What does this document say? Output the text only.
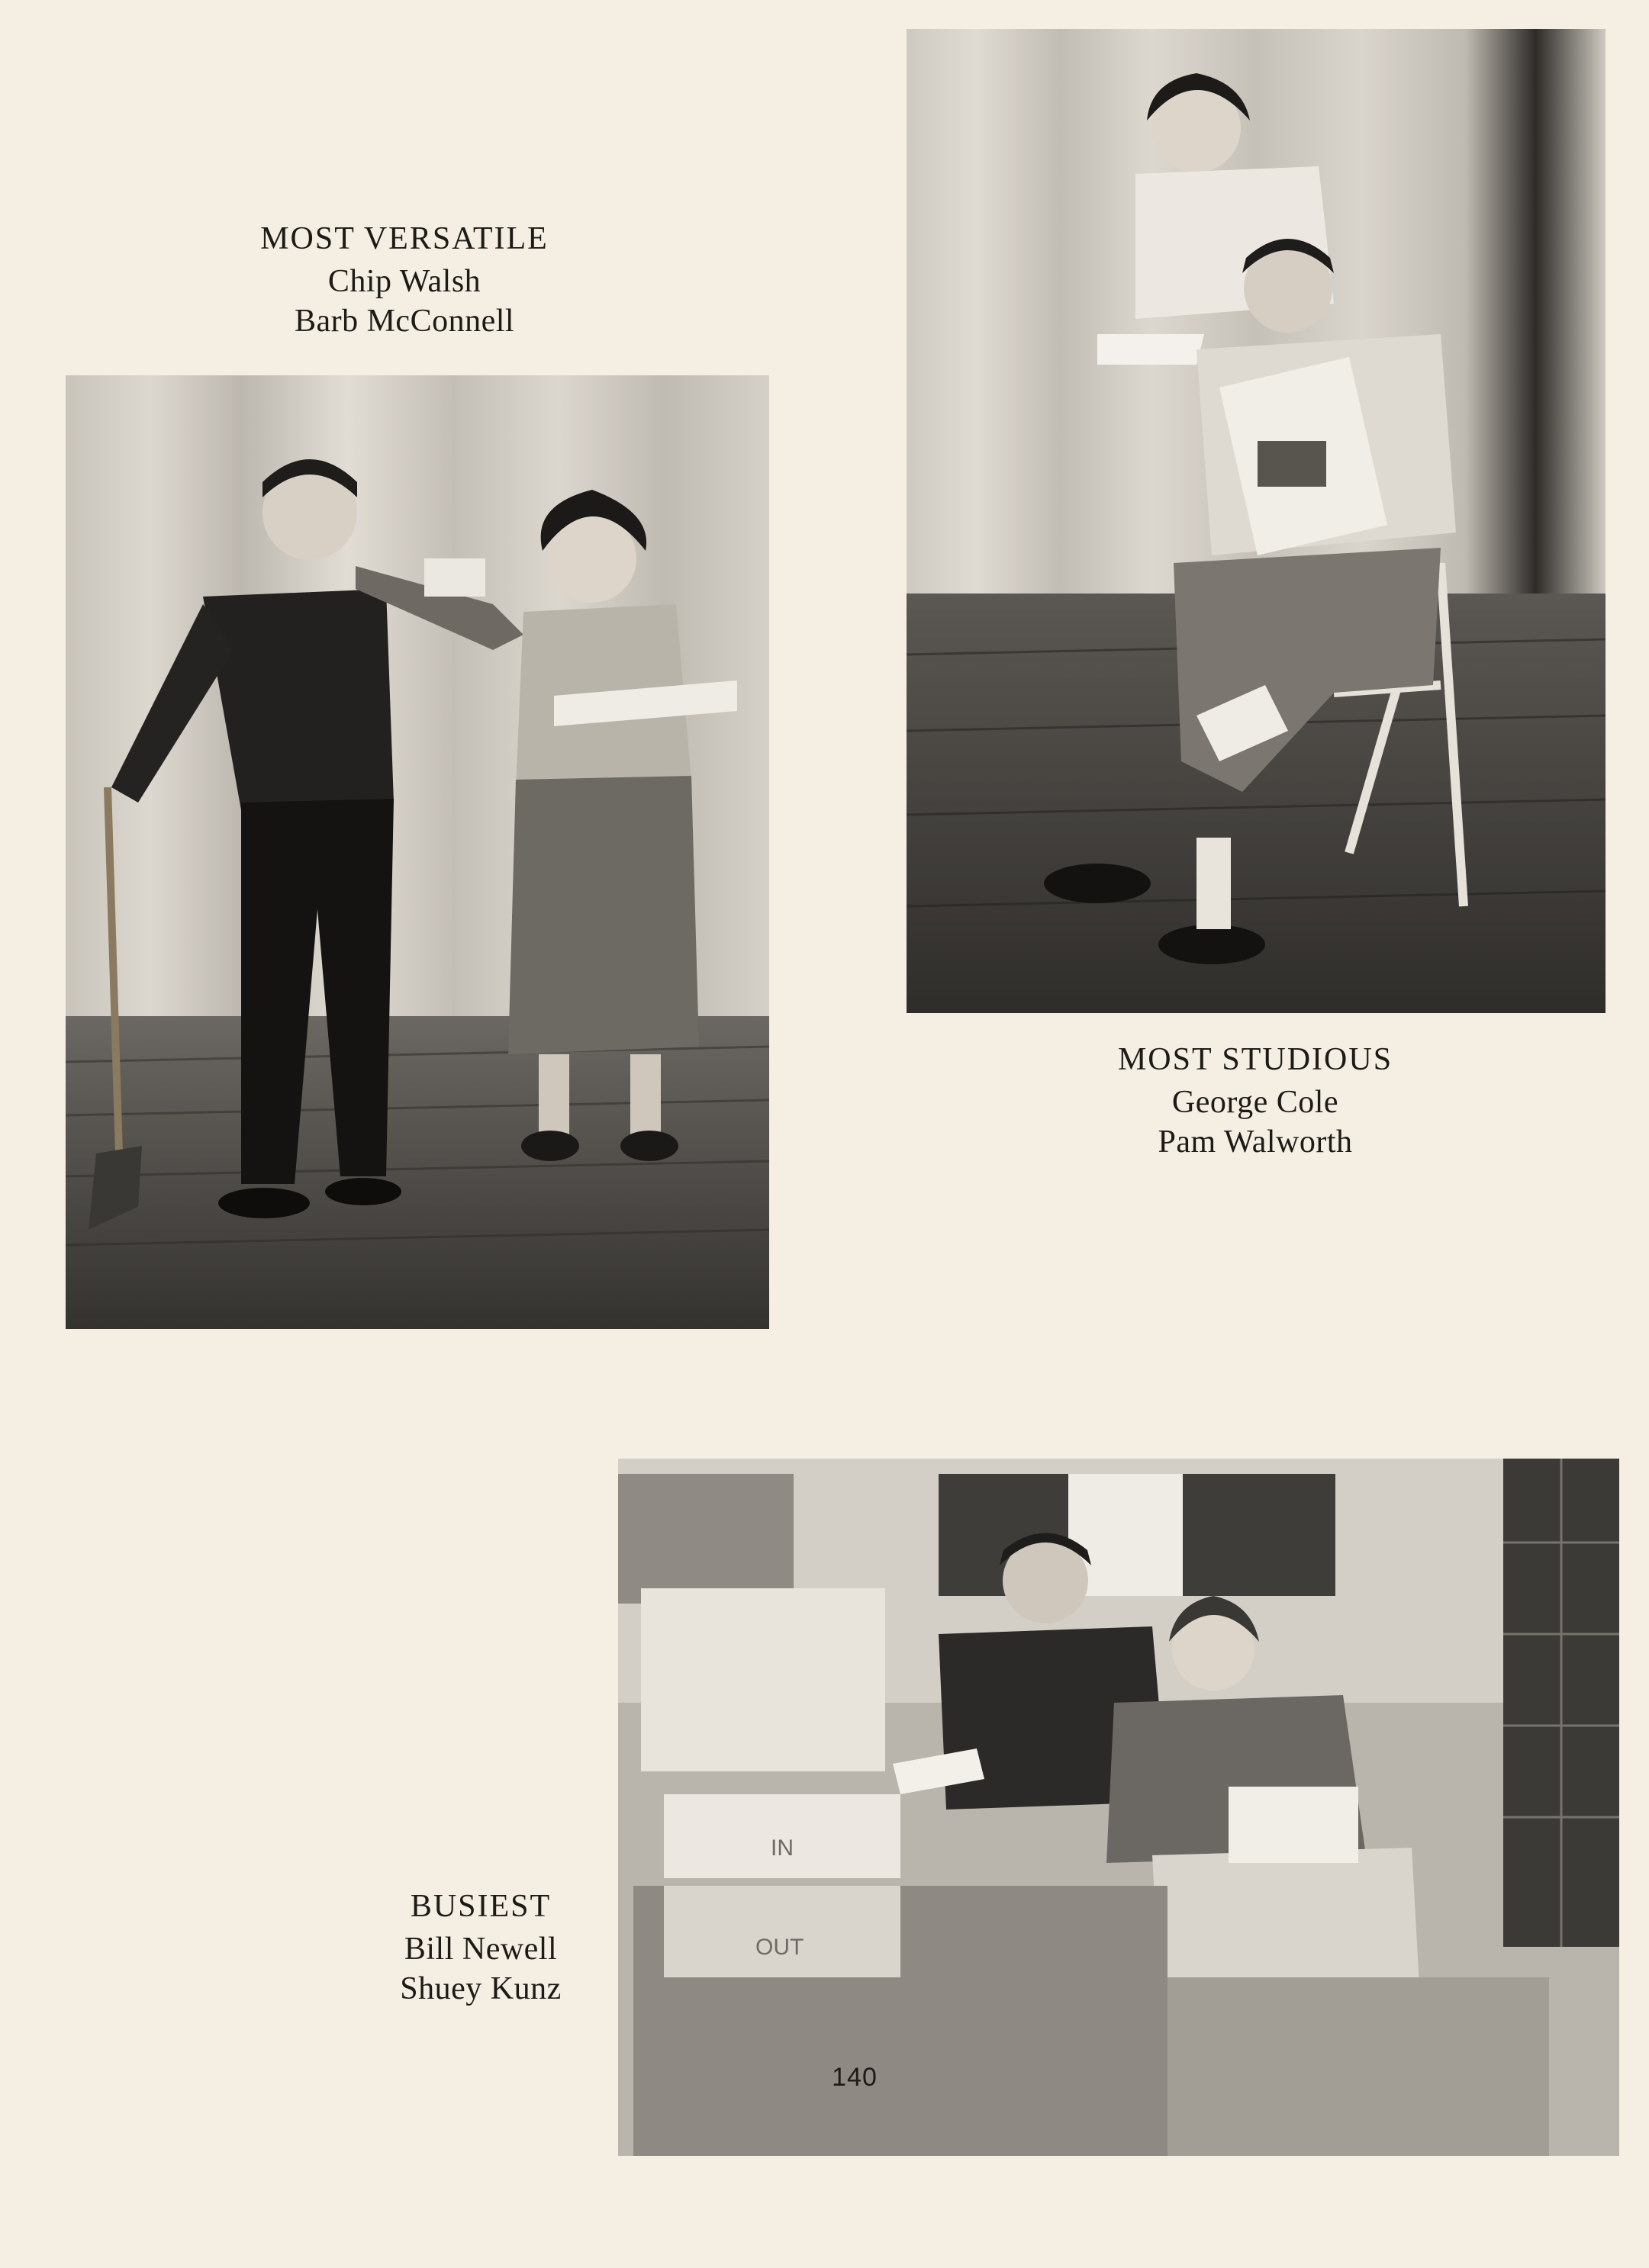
MOST VERSATILE
Chip Walsh
Barb McConnell
MOST STUDIOUS
George Cole
Pam Walworth
IN
OUT
BUSIEST
Bill Newell
Shuey Kunz
140
